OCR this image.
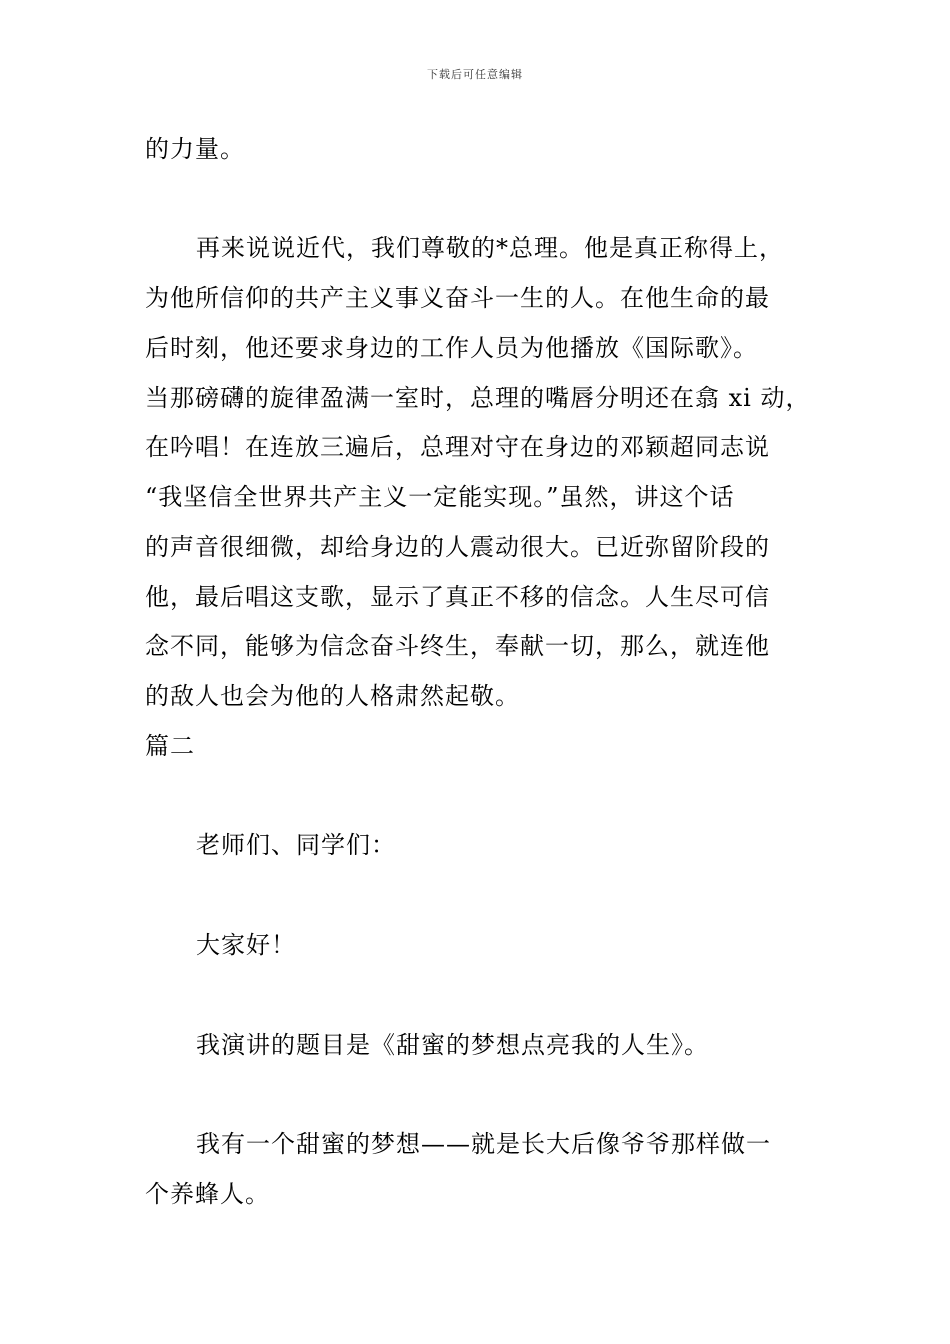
下载后可任意编辑
的力量。
再来说说近代，我们尊敬的*总理。他是真正称得上，
为他所信仰的共产主义事义奋斗一生的人。在他生命的最
后时刻，他还要求身边的工作人员为他播放《国际歌》。
当那磅礴的旋律盈满一室时，总理的嘴唇分明还在翕 xi 动，
在吟唱！在连放三遍后，总理对守在身边的邓颖超同志说
“我坚信全世界共产主义一定能实现。”虽然，讲这个话
的声音很细微，却给身边的人震动很大。已近弥留阶段的
他，最后唱这支歌，显示了真正不移的信念。人生尽可信
念不同，能够为信念奋斗终生，奉献一切，那么，就连他
的敌人也会为他的人格肃然起敬。
篇二
老师们、同学们：
大家好！
我演讲的题目是《甜蜜的梦想点亮我的人生》。
我有一个甜蜜的梦想——就是长大后像爷爷那样做一
个养蜂人。
